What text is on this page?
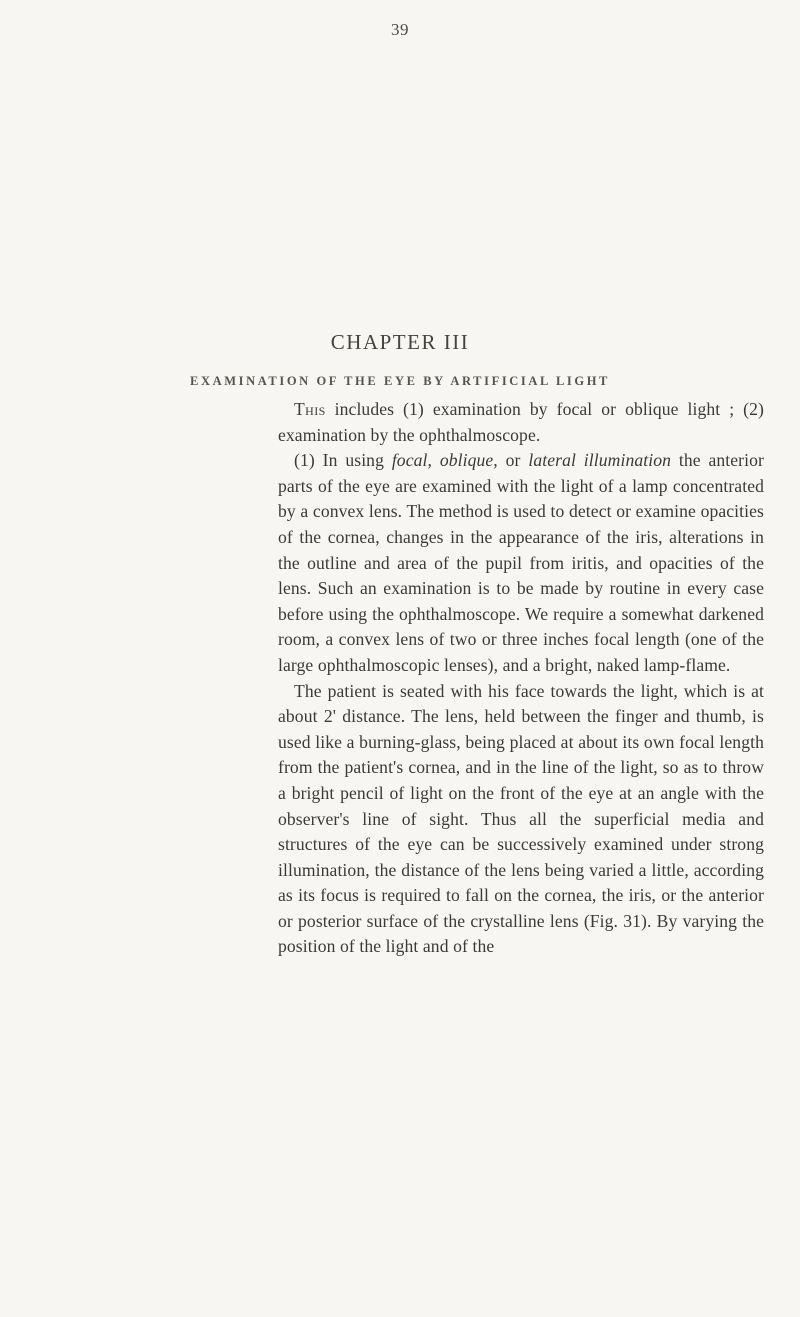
39
CHAPTER III
EXAMINATION OF THE EYE BY ARTIFICIAL LIGHT

This includes (1) examination by focal or oblique light ; (2) examination by the ophthalmoscope.

(1) In using focal, oblique, or lateral illumination the anterior parts of the eye are examined with the light of a lamp concentrated by a convex lens. The method is used to detect or examine opacities of the cornea, changes in the appearance of the iris, alterations in the outline and area of the pupil from iritis, and opacities of the lens. Such an examination is to be made by routine in every case before using the ophthalmoscope. We require a somewhat darkened room, a convex lens of two or three inches focal length (one of the large ophthalmoscopic lenses), and a bright, naked lamp-flame.

The patient is seated with his face towards the light, which is at about 2' distance. The lens, held between the finger and thumb, is used like a burning-glass, being placed at about its own focal length from the patient's cornea, and in the line of the light, so as to throw a bright pencil of light on the front of the eye at an angle with the observer's line of sight. Thus all the superficial media and structures of the eye can be successively examined under strong illumination, the distance of the lens being varied a little, according as its focus is required to fall on the cornea, the iris, or the anterior or posterior surface of the crystalline lens (Fig. 31). By varying the position of the light and of the
